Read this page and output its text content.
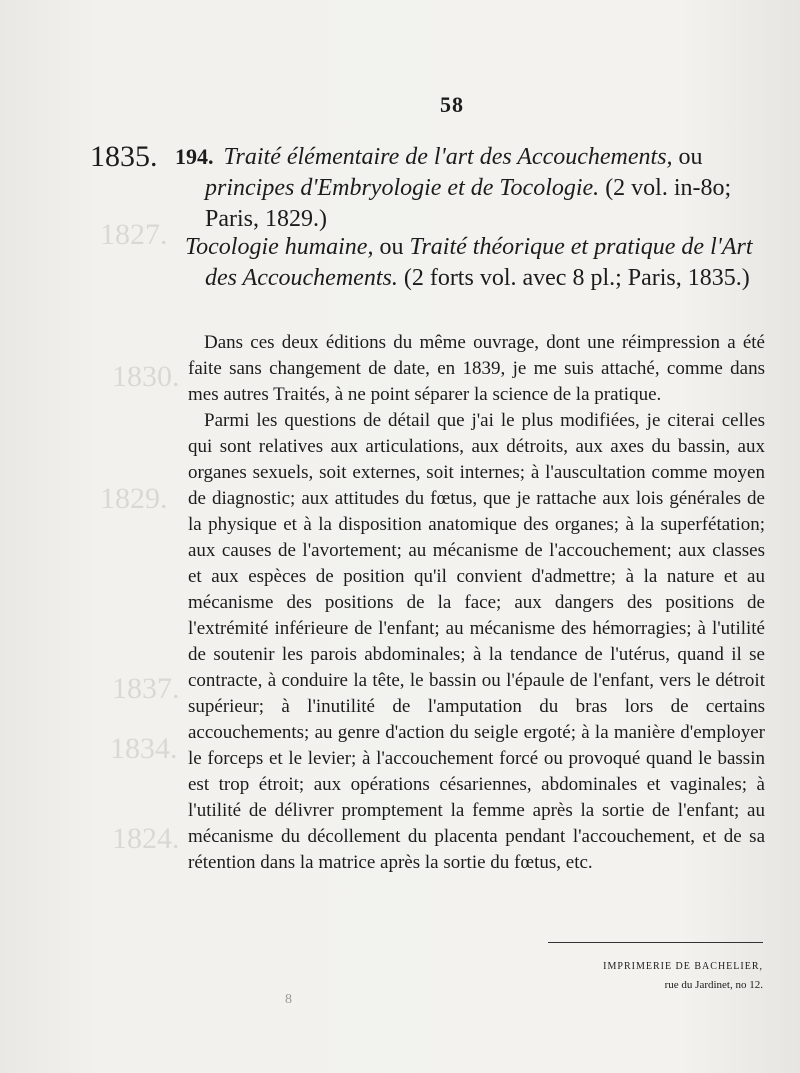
1827.
1830.
1829.
1837.
1834.
1824.
58
1835. 194. Traité élémentaire de l'art des Accouchements, ou principes d'Embryologie et de Tocologie. (2 vol. in-8o; Paris, 1829.)
Tocologie humaine, ou Traité théorique et pratique de l'Art des Accouchements. (2 forts vol. avec 8 pl.; Paris, 1835.)

Dans ces deux éditions du même ouvrage, dont une réimpression a été faite sans changement de date, en 1839, je me suis attaché, comme dans mes autres Traités, à ne point séparer la science de la pratique.

Parmi les questions de détail que j'ai le plus modifiées, je citerai celles qui sont relatives aux articulations, aux détroits, aux axes du bassin, aux organes sexuels, soit externes, soit internes; à l'auscultation comme moyen de diagnostic; aux attitudes du fœtus, que je rattache aux lois générales de la physique et à la disposition anatomique des organes; à la superfétation; aux causes de l'avortement; au mécanisme de l'accouchement; aux classes et aux espèces de position qu'il convient d'admettre; à la nature et au mécanisme des positions de la face; aux dangers des positions de l'extrémité inférieure de l'enfant; au mécanisme des hémorragies; à l'utilité de soutenir les parois abdominales; à la tendance de l'utérus, quand il se contracte, à conduire la tête, le bassin ou l'épaule de l'enfant, vers le détroit supérieur; à l'inutilité de l'amputation du bras lors de certains accouchements; au genre d'action du seigle ergoté; à la manière d'employer le forceps et le levier; à l'accouchement forcé ou provoqué quand le bassin est trop étroit; aux opérations césariennes, abdominales et vaginales; à l'utilité de délivrer promptement la femme après la sortie de l'enfant; au mécanisme du décollement du placenta pendant l'accouchement, et de sa rétention dans la matrice après la sortie du fœtus, etc.

IMPRIMERIE DE BACHELIER,
rue du Jardinet, no 12.
8
